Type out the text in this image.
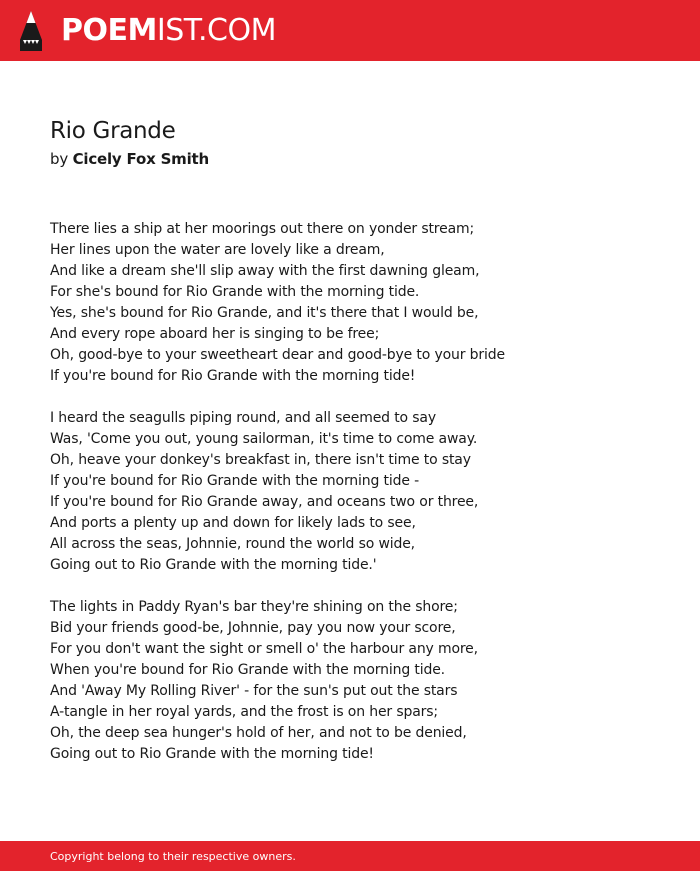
POEMIST.COM
Rio Grande
by Cicely Fox Smith
There lies a ship at her moorings out there on yonder stream;
Her lines upon the water are lovely like a dream,
And like a dream she'll slip away with the first dawning gleam,
For she's bound for Rio Grande with the morning tide.
Yes, she's bound for Rio Grande, and it's there that I would be,
And every rope aboard her is singing to be free;
Oh, good-bye to your sweetheart dear and good-bye to your bride
If you're bound for Rio Grande with the morning tide!
I heard the seagulls piping round, and all seemed to say
Was, 'Come you out, young sailorman, it's time to come away.
Oh, heave your donkey's breakfast in, there isn't time to stay
If you're bound for Rio Grande with the morning tide -
If you're bound for Rio Grande away, and oceans two or three,
And ports a plenty up and down for likely lads to see,
All across the seas, Johnnie, round the world so wide,
Going out to Rio Grande with the morning tide.'
The lights in Paddy Ryan's bar they're shining on the shore;
Bid your friends good-be, Johnnie, pay you now your score,
For you don't want the sight or smell o' the harbour any more,
When you're bound for Rio Grande with the morning tide.
And 'Away My Rolling River' - for the sun's put out the stars
A-tangle in her royal yards, and the frost is on her spars;
Oh, the deep sea hunger's hold of her, and not to be denied,
Going out to Rio Grande with the morning tide!
Copyright belong to their respective owners.
